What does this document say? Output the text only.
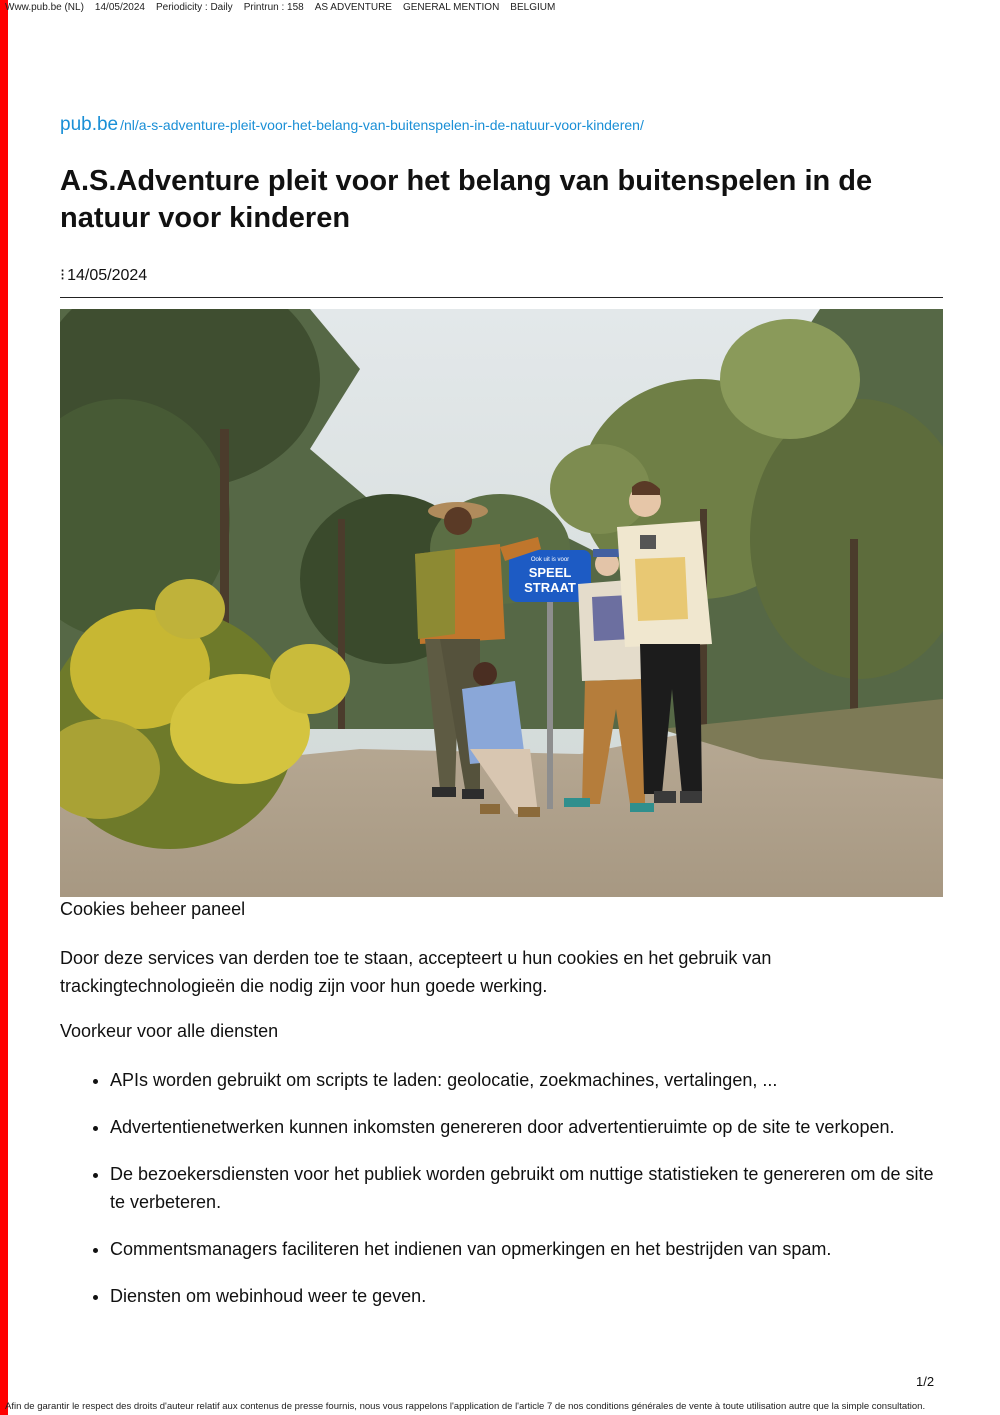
Www.pub.be (NL) 14/05/2024 Periodicity : Daily Printrun : 158 AS ADVENTURE GENERAL MENTION BELGIUM
pub.be /nl/a-s-adventure-pleit-voor-het-belang-van-buitenspelen-in-de-natuur-voor-kinderen/
A.S.Adventure pleit voor het belang van buitenspelen in de natuur voor kinderen
⁝ 14/05/2024
Ook uit is voor
SPEEL
STRAAT
Cookies beheer paneel

Door deze services van derden toe te staan, accepteert u hun cookies en het gebruik van trackingtechnologieën die nodig zijn voor hun goede werking.

Voorkeur voor alle diensten
• APIs worden gebruikt om scripts te laden: geolocatie, zoekmachines, vertalingen, ...
• Advertentienetwerken kunnen inkomsten genereren door advertentieruimte op de site te verkopen.
• De bezoekersdiensten voor het publiek worden gebruikt om nuttige statistieken te genereren om de site te verbeteren.
• Commentsmanagers faciliteren het indienen van opmerkingen en het bestrijden van spam.
• Diensten om webinhoud weer te geven.
1/2
Afin de garantir le respect des droits d'auteur relatif aux contenus de presse fournis, nous vous rappelons l'application de l'article 7 de nos conditions générales de vente à toute utilisation autre que la simple consultation.
